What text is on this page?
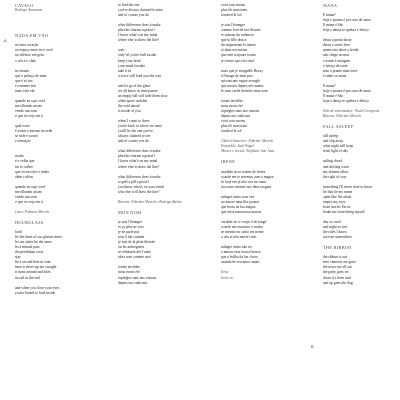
CAVALO
Rodrigo Amarante
·
NADA EM VÃO
no meu coração
no espaço entre eu e você
no silêncio em grito
o céu e o chão
no ensino
que o pedaço de mim
que é só teu
e somente nós
tanto tem vão
quando eu sujo você
me olhando assim
vendo um som
o que eu vejo em ti
qual rosto
é assim o mesmo da sede
se sede e sossei
e sensação
tiozão
é a velha que
fui te colher
que eu envolvo e tenho
além e além
quando eu sujo você
me olhando assim
vendo um som
o que eu vejo em ti
Caso: Fabrizio Moretti
HOURGLASS
hold
let the heart of our glasses meet
let our ashes be the same
let a minute pass
the pendulum sway
stay
let a second beat in vain
time is never up nor straight
it turns around and bites
its tail in the end
and when you close your eyes
you're bound to look inside
to find the one
you've always claimed to miss
and of course you do
what difference does it make
placebo charms a praise?
I know what's on my mind
where else to draw the line?
wait
only 'til you're half awake
keep your head
your mind forsake
take it in
a voice will lead you the way
and let go of the glass
we all know as time passes
an empty lull will fade them slow
when space unfolds
the void ahead
is inside of you
when I count to three
you're back to where we meet
you'll be the one you've
always claimed to see
and of course you do
what difference does it make
placebo charms a praise?
I know what's on my mind
where else to draw the line?
what difference does it make
a spell a pill a prose?
you know what's on your mind
who else will draw the line?
Bateria: Fabrizio Moretti e Rodrigo Barba
MON NOM
je suis l'étranger
et ça pèse ne vois
je ne parle pas
tout il fait comme
je suis de la plaie blessée
on les aubergistes
se réduisent dès l'aube
alors sont comme moi
toutes terribles
nous avons été
espiègles sans nos raisons
depuis nos radicaux
voici tout moins
plus tôt mon train
touched le sol
je suis l'étranger
comme font de nos fleuves
et saisons du cadencer
que la fille douce
du séquestrant la tienne
et dans nos mains
que sent toujours toutes
je trouve qui s'est tissé
mais que je m'appelle Bruxy
à l'image de mon prix
suivant une vague aveugle
qui tousser depuis nos mains
le seau caché derrière mon nom
toutes terribles
nous avons été
espiègles sans nos raisons
depuis nos radicaux
voici tout moins
plus tôt mon train
touched le sol
Ukulele batteries: Fabrizio Moretti
Ensemble: Saul Wagel
Mixers e vocais: Stéphane San Juan
IRENE
saudade no te tratem de frente
a tarde em te seremos com a magoa
se hoje em já não vou no rumo
teu outro mesmo nos deus rasgam
milagre sento seus vez
no amore uma flor pousar
que brota na lua magoa
que seria uma nossa marrar
verdade no te corpo é de longe
a tarde em encontro o sonho
se mesmo eu canto teu nome
o céu te não morre cedo
milagre sento não ter
o amour essa trouve houve
que a brilho da luz chora
usando de seu amor amais
Irene
Irene eu
MANA
E mana?
hoje o pranto é pra cura de amor
E mana é São
hoje a dança te quebra e feitiço
dessa a ponta hoste
dessa o vento leve
quem raio deste a ferida
não chega no mar
e assim é assugem
é feitiço da sorte
mas o pranto mau forte
é saber se arrast
E mana?
hoje o pranto é pra cura de amor
E mana é São
hoje a dança te quebra e feitiço
Solo de sintetizador: Noah Georgeson
Bateria: Fabrizio Moretti
FALL ASLEEP
fall asleep
and slip away
what night will keep
from light of day
sailing cloud
and drifting wave
my dreams allow
the right of way
something I'll never dare to know
let that be my name
open like I'm alone
empty my eyes
from stories I'm in
brake me from being myself
day so cruel
and night so fair
the rules I know
are true somewhere
THE RIBBON
the ribbon is out
new cameras are gone
the news are all out
the party goes on
down it's been said
and up goes the flag
A
B
